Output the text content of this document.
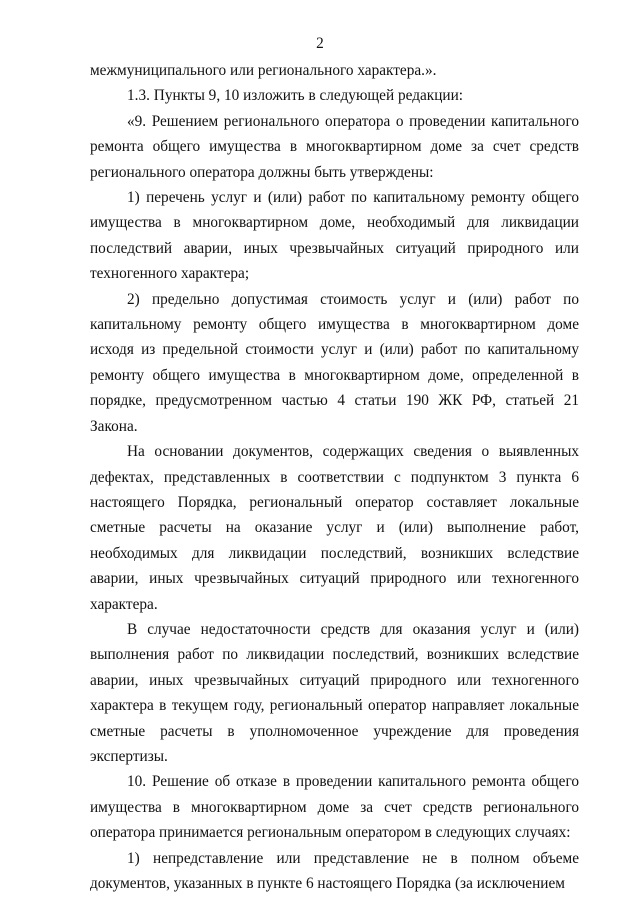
2

межмуниципального или регионального характера.».

1.3. Пункты 9, 10 изложить в следующей редакции:

«9. Решением регионального оператора о проведении капитального ремонта общего имущества в многоквартирном доме за счет средств регионального оператора должны быть утверждены:

1) перечень услуг и (или) работ по капитальному ремонту общего имущества в многоквартирном доме, необходимый для ликвидации последствий аварии, иных чрезвычайных ситуаций природного или техногенного характера;

2) предельно допустимая стоимость услуг и (или) работ по капитальному ремонту общего имущества в многоквартирном доме исходя из предельной стоимости услуг и (или) работ по капитальному ремонту общего имущества в многоквартирном доме, определенной в порядке, предусмотренном частью 4 статьи 190 ЖК РФ, статьей 21 Закона.

На основании документов, содержащих сведения о выявленных дефектах, представленных в соответствии с подпунктом 3 пункта 6 настоящего Порядка, региональный оператор составляет локальные сметные расчеты на оказание услуг и (или) выполнение работ, необходимых для ликвидации последствий, возникших вследствие аварии, иных чрезвычайных ситуаций природного или техногенного характера.

В случае недостаточности средств для оказания услуг и (или) выполнения работ по ликвидации последствий, возникших вследствие аварии, иных чрезвычайных ситуаций природного или техногенного характера в текущем году, региональный оператор направляет локальные сметные расчеты в уполномоченное учреждение для проведения экспертизы.

10. Решение об отказе в проведении капитального ремонта общего имущества в многоквартирном доме за счет средств регионального оператора принимается региональным оператором в следующих случаях:

1) непредставление или представление не в полном объеме документов, указанных в пункте 6 настоящего Порядка (за исключением
